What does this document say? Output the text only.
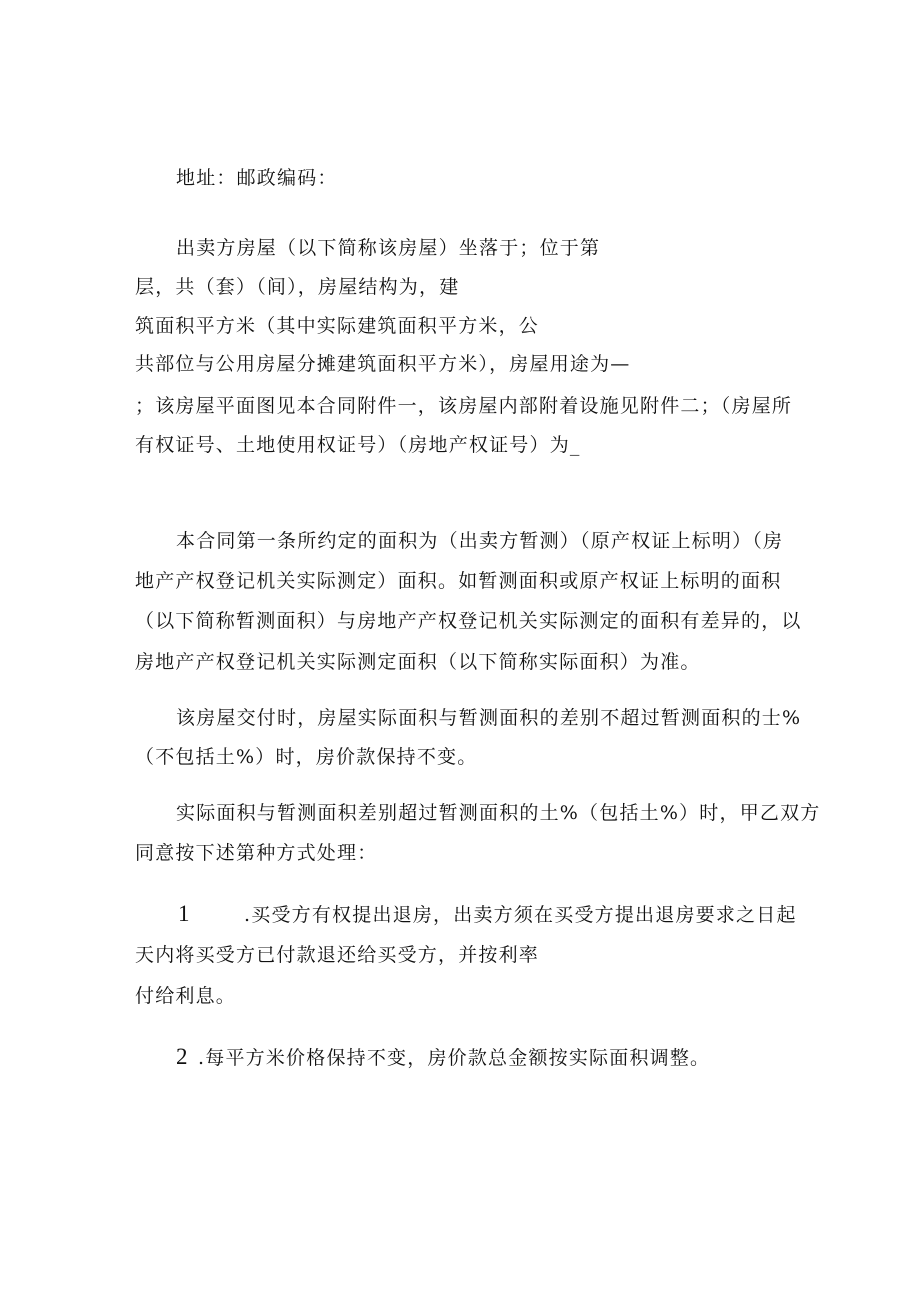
地址：邮政编码：
出卖方房屋（以下简称该房屋）坐落于；位于第
层，共（套）（间），房屋结构为，建
筑面积平方米（其中实际建筑面积平方米，公
共部位与公用房屋分摊建筑面积平方米），房屋用途为—
；该房屋平面图见本合同附件一，该房屋内部附着设施见附件二；（房屋所
有权证号、土地使用权证号）（房地产权证号）为_
本合同第一条所约定的面积为（出卖方暂测）（原产权证上标明）（房
地产产权登记机关实际测定）面积。如暂测面积或原产权证上标明的面积
（以下简称暂测面积）与房地产产权登记机关实际测定的面积有差异的，以
房地产产权登记机关实际测定面积（以下简称实际面积）为准。
该房屋交付时，房屋实际面积与暂测面积的差别不超过暂测面积的士%
（不包括土%）时，房价款保持不变。
实际面积与暂测面积差别超过暂测面积的土%（包括土%）时，甲乙双方
同意按下述第种方式处理：
1	.买受方有权提出退房，出卖方须在买受方提出退房要求之日起
天内将买受方已付款退还给买受方，并按利率
付给利息。
2 .每平方米价格保持不变，房价款总金额按实际面积调整。
